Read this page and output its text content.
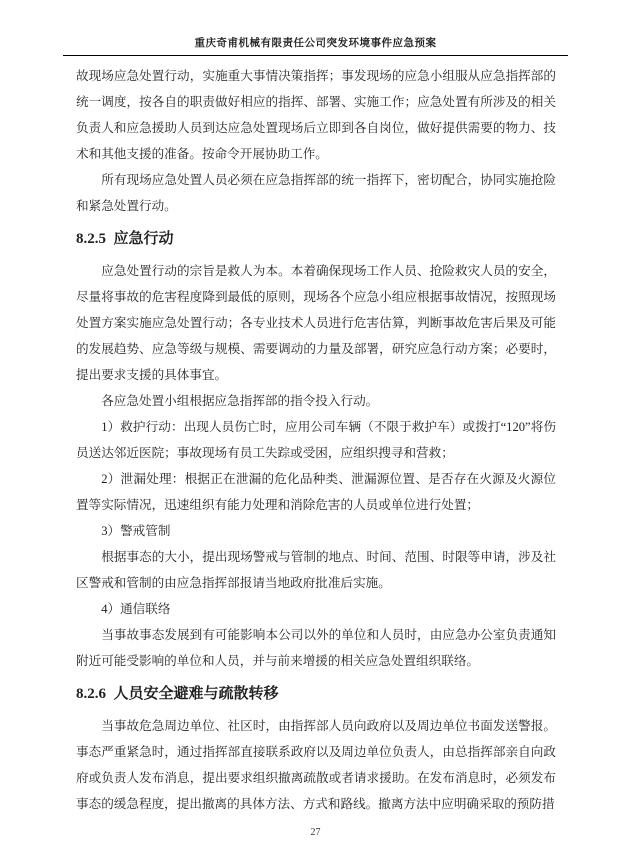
重庆奇甫机械有限责任公司突发环境事件应急预案

故现场应急处置行动，实施重大事情决策指挥；事发现场的应急小组服从应急指挥部的统一调度，按各自的职责做好相应的指挥、部署、实施工作；应急处置有所涉及的相关负责人和应急援助人员到达应急处置现场后立即到各自岗位，做好提供需要的物力、技术和其他支援的准备。按命令开展协助工作。

所有现场应急处置人员必须在应急指挥部的统一指挥下，密切配合，协同实施抢险和紧急处置行动。

8.2.5 应急行动

应急处置行动的宗旨是救人为本。本着确保现场工作人员、抢险救灾人员的安全，尽量将事故的危害程度降到最低的原则，现场各个应急小组应根据事故情况，按照现场处置方案实施应急处置行动；各专业技术人员进行危害估算，判断事故危害后果及可能的发展趋势、应急等级与规模、需要调动的力量及部署，研究应急行动方案；必要时，提出要求支援的具体事宜。

各应急处置小组根据应急指挥部的指令投入行动。

1）救护行动：出现人员伤亡时，应用公司车辆（不限于救护车）或拨打“120”将伤员送达邻近医院；事故现场有员工失踪或受困，应组织搜寻和营救；

2）泄漏处理：根据正在泄漏的危化品种类、泄漏源位置、是否存在火源及火源位置等实际情况，迅速组织有能力处理和消除危害的人员或单位进行处置；

3）警戒管制

根据事态的大小，提出现场警戒与管制的地点、时间、范围、时限等申请，涉及社区警戒和管制的由应急指挥部报请当地政府批准后实施。

4）通信联络

当事故事态发展到有可能影响本公司以外的单位和人员时，由应急办公室负责通知附近可能受影响的单位和人员，并与前来增援的相关应急处置组织联络。

8.2.6 人员安全避难与疏散转移

当事故危急周边单位、社区时，由指挥部人员向政府以及周边单位书面发送警报。事态严重紧急时，通过指挥部直接联系政府以及周边单位负责人，由总指挥部亲自向政府或负责人发布消息，提出要求组织撤离疏散或者请求援助。在发布消息时，必须发布事态的缓急程度，提出撤离的具体方法、方式和路线。撤离方法中应明确采取的预防措

27
